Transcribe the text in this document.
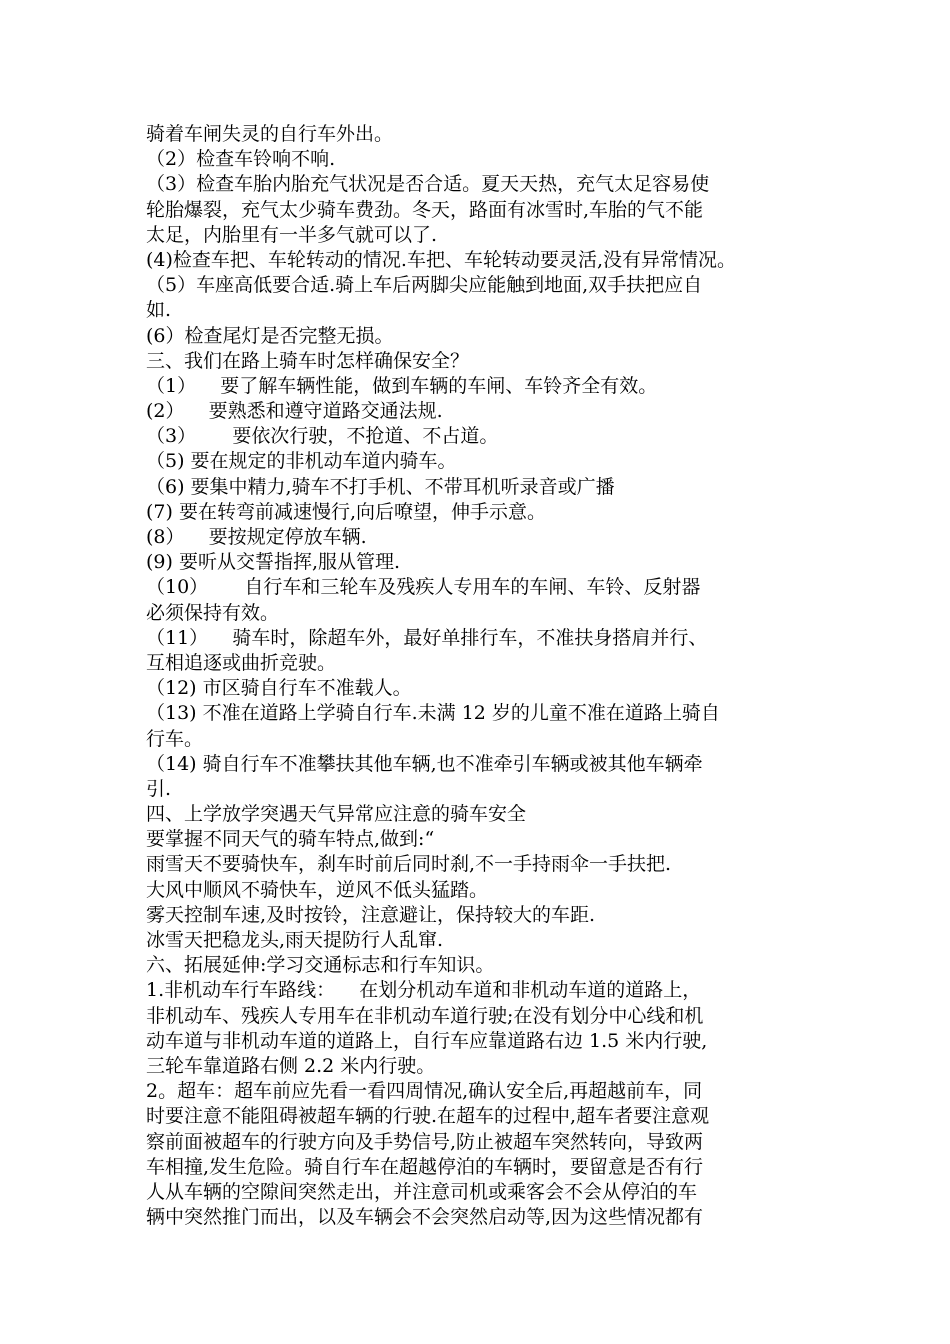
骑着车闸失灵的自行车外出。
（2）检查车铃响不响.
（3）检查车胎内胎充气状况是否合适。夏天天热，充气太足容易使
轮胎爆裂，充气太少骑车费劲。冬天，路面有冰雪时,车胎的气不能
太足，内胎里有一半多气就可以了.
(4)检查车把、车轮转动的情况.车把、车轮转动要灵活,没有异常情况。
（5）车座高低要合适.骑上车后两脚尖应能触到地面,双手扶把应自
如.
(6）检查尾灯是否完整无损。
三、我们在路上骑车时怎样确保安全？
（1）    要了解车辆性能，做到车辆的车闸、车铃齐全有效。
(2）    要熟悉和遵守道路交通法规.
（3）      要依次行驶，不抢道、不占道。
（5) 要在规定的非机动车道内骑车。
（6) 要集中精力,骑车不打手机、不带耳机听录音或广播
(7) 要在转弯前减速慢行,向后嘹望，伸手示意。
(8）    要按规定停放车辆.
(9) 要听从交誓指挥,服从管理.
（10）      自行车和三轮车及残疾人专用车的车闸、车铃、反射器
必须保持有效。
（11）    骑车时，除超车外，最好单排行车，不准扶身搭肩并行、
互相追逐或曲折竞驶。
（12) 市区骑自行车不准载人。
（13) 不准在道路上学骑自行车.未满 12 岁的儿童不准在道路上骑自
行车。
（14) 骑自行车不准攀扶其他车辆,也不准牵引车辆或被其他车辆牵
引.
四、上学放学突遇天气异常应注意的骑车安全
要掌握不同天气的骑车特点,做到:“
雨雪天不要骑快车，刹车时前后同时刹,不一手持雨伞一手扶把.
大风中顺风不骑快车，逆风不低头猛踏。
雾天控制车速,及时按铃，注意避让，保持较大的车距.
冰雪天把稳龙头,雨天提防行人乱窜.
六、拓展延伸:学习交通标志和行车知识。
1.非机动车行车路线：    在划分机动车道和非机动车道的道路上，
非机动车、残疾人专用车在非机动车道行驶;在没有划分中心线和机
动车道与非机动车道的道路上，自行车应靠道路右边 1.5 米内行驶,
三轮车靠道路右侧 2.2 米内行驶。
2。超车：超车前应先看一看四周情况,确认安全后,再超越前车，同
时要注意不能阻碍被超车辆的行驶.在超车的过程中,超车者要注意观
察前面被超车的行驶方向及手势信号,防止被超车突然转向，导致两
车相撞,发生危险。骑自行车在超越停泊的车辆时，要留意是否有行
人从车辆的空隙间突然走出，并注意司机或乘客会不会从停泊的车
辆中突然推门而出，以及车辆会不会突然启动等,因为这些情况都有
